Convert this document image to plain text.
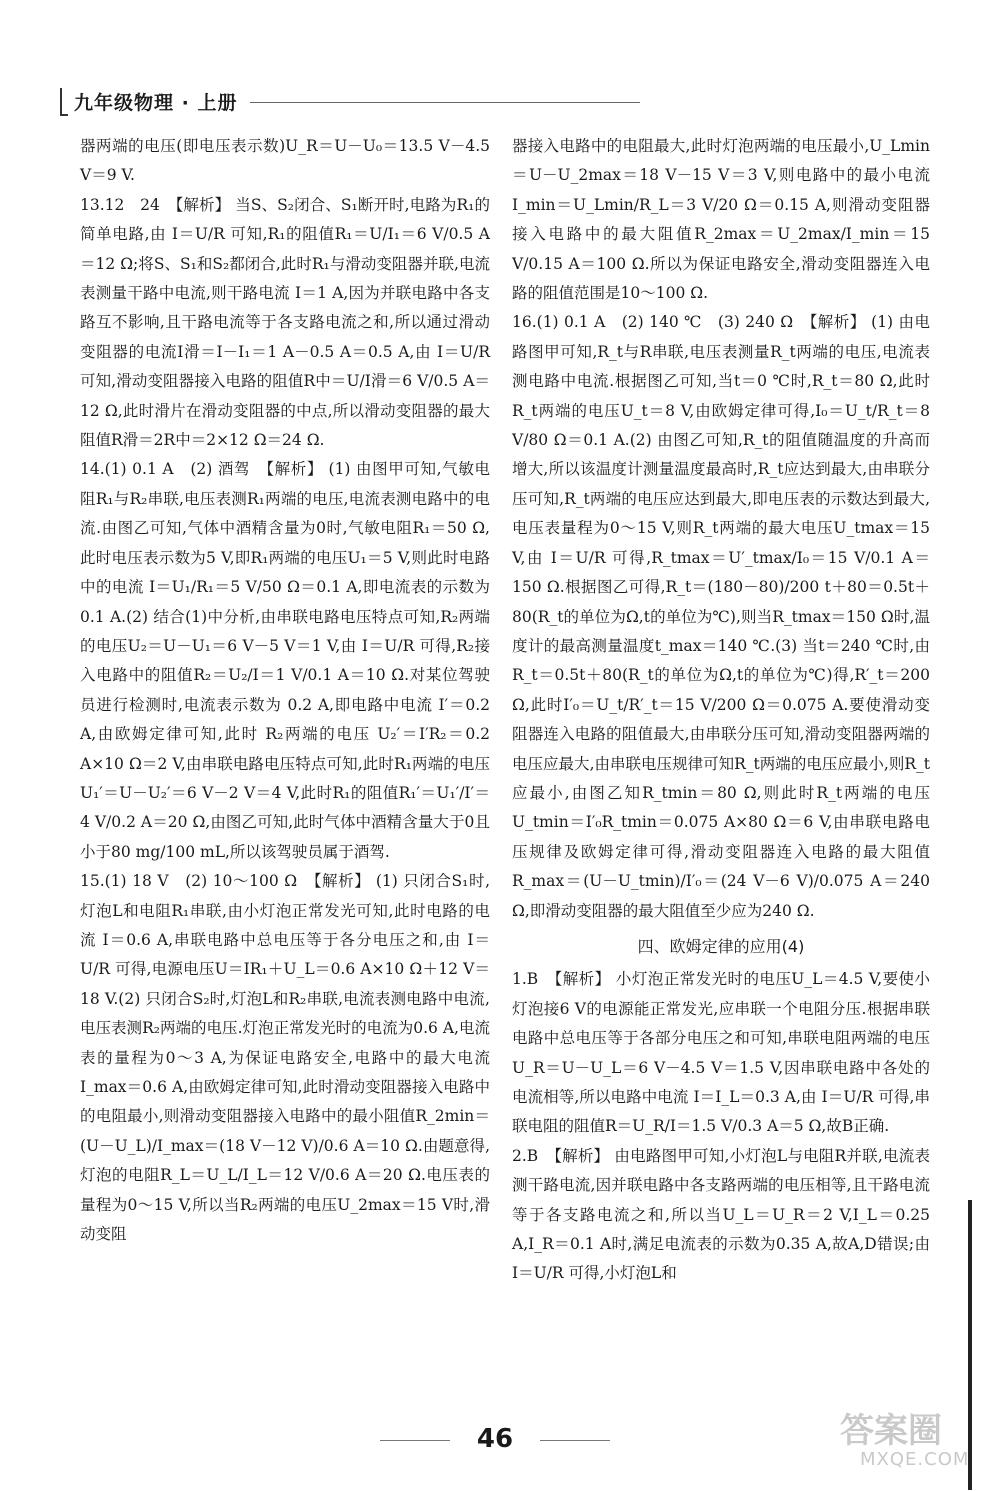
九年级物理 · 上册

器两端的电压(即电压表示数)U_R＝U－U₀＝13.5 V－4.5 V＝9 V.

13.12　24　【解析】 当S、S₂闭合、S₁断开时,电路为R₁的简单电路,由 I＝U/R 可知,R₁的阻值R₁＝U/I₁＝6 V/0.5 A＝12 Ω;将S、S₁和S₂都闭合,此时R₁与滑动变阻器并联,电流表测量干路中电流,则干路电流 I＝1 A,因为并联电路中各支路互不影响,且干路电流等于各支路电流之和,所以通过滑动变阻器的电流I滑＝I－I₁＝1 A－0.5 A＝0.5 A,由 I＝U/R 可知,滑动变阻器接入电路的阻值R中＝U/I滑＝6 V/0.5 A＝12 Ω,此时滑片在滑动变阻器的中点,所以滑动变阻器的最大阻值R滑＝2R中＝2×12 Ω＝24 Ω.

14.(1) 0.1 A　(2) 酒驾　【解析】 (1) 由图甲可知,气敏电阻R₁与R₂串联,电压表测R₁两端的电压,电流表测电路中的电流.由图乙可知,气体中酒精含量为0时,气敏电阻R₁＝50 Ω,此时电压表示数为5 V,即R₁两端的电压U₁＝5 V,则此时电路中的电流 I＝U₁/R₁＝5 V/50 Ω＝0.1 A,即电流表的示数为0.1 A.(2) 结合(1)中分析,由串联电路电压特点可知,R₂两端的电压U₂＝U－U₁＝6 V－5 V＝1 V,由 I＝U/R 可得,R₂接入电路中的阻值R₂＝U₂/I＝1 V/0.1 A＝10 Ω.对某位驾驶员进行检测时,电流表示数为 0.2 A,即电路中电流 I′＝0.2 A,由欧姆定律可知,此时 R₂两端的电压 U₂′＝I′R₂＝0.2 A×10 Ω＝2 V,由串联电路电压特点可知,此时R₁两端的电压U₁′＝U－U₂′＝6 V－2 V＝4 V,此时R₁的阻值R₁′＝U₁′/I′＝4 V/0.2 A＝20 Ω,由图乙可知,此时气体中酒精含量大于0且小于80 mg/100 mL,所以该驾驶员属于酒驾.

15.(1) 18 V　(2) 10～100 Ω　【解析】 (1) 只闭合S₁时,灯泡L和电阻R₁串联,由小灯泡正常发光可知,此时电路的电流 I＝0.6 A,串联电路中总电压等于各分电压之和,由 I＝U/R 可得,电源电压U＝IR₁＋U_L＝0.6 A×10 Ω＋12 V＝18 V.(2) 只闭合S₂时,灯泡L和R₂串联,电流表测电路中电流,电压表测R₂两端的电压.灯泡正常发光时的电流为0.6 A,电流表的量程为0～3 A,为保证电路安全,电路中的最大电流 I_max＝0.6 A,由欧姆定律可知,此时滑动变阻器接入电路中的电阻最小,则滑动变阻器接入电路中的最小阻值R_2min＝(U－U_L)/I_max＝(18 V－12 V)/0.6 A＝10 Ω.由题意得,灯泡的电阻R_L＝U_L/I_L＝12 V/0.6 A＝20 Ω.电压表的量程为0～15 V,所以当R₂两端的电压U_2max＝15 V时,滑动变阻

器接入电路中的电阻最大,此时灯泡两端的电压最小,U_Lmin＝U－U_2max＝18 V－15 V＝3 V,则电路中的最小电流 I_min＝U_Lmin/R_L＝3 V/20 Ω＝0.15 A,则滑动变阻器接入电路中的最大阻值R_2max＝U_2max/I_min＝15 V/0.15 A＝100 Ω.所以为保证电路安全,滑动变阻器连入电路的阻值范围是10～100 Ω.

16.(1) 0.1 A　(2) 140 ℃　(3) 240 Ω　【解析】 (1) 由电路图甲可知,R_t与R串联,电压表测量R_t两端的电压,电流表测电路中电流.根据图乙可知,当t＝0 ℃时,R_t＝80 Ω,此时R_t两端的电压U_t＝8 V,由欧姆定律可得,I₀＝U_t/R_t＝8 V/80 Ω＝0.1 A.(2) 由图乙可知,R_t的阻值随温度的升高而增大,所以该温度计测量温度最高时,R_t应达到最大,由串联分压可知,R_t两端的电压应达到最大,即电压表的示数达到最大,电压表量程为0～15 V,则R_t两端的最大电压U_tmax＝15 V,由 I＝U/R 可得,R_tmax＝U′_tmax/I₀＝15 V/0.1 A＝150 Ω.根据图乙可得,R_t＝(180－80)/200 t＋80＝0.5t＋80(R_t的单位为Ω,t的单位为℃),则当R_tmax＝150 Ω时,温度计的最高测量温度t_max＝140 ℃.(3) 当t＝240 ℃时,由R_t＝0.5t＋80(R_t的单位为Ω,t的单位为℃)得,R′_t＝200 Ω,此时I′₀＝U_t/R′_t＝15 V/200 Ω＝0.075 A.要使滑动变阻器连入电路的阻值最大,由串联分压可知,滑动变阻器两端的电压应最大,由串联电压规律可知R_t两端的电压应最小,则R_t应最小,由图乙知R_tmin＝80 Ω,则此时R_t两端的电压U_tmin＝I′₀R_tmin＝0.075 A×80 Ω＝6 V,由串联电路电压规律及欧姆定律可得,滑动变阻器连入电路的最大阻值R_max＝(U－U_tmin)/I′₀＝(24 V－6 V)/0.075 A＝240 Ω,即滑动变阻器的最大阻值至少应为240 Ω.

四、欧姆定律的应用(4)

1.B　【解析】 小灯泡正常发光时的电压U_L＝4.5 V,要使小灯泡接6 V的电源能正常发光,应串联一个电阻分压.根据串联电路中总电压等于各部分电压之和可知,串联电阻两端的电压U_R＝U－U_L＝6 V－4.5 V＝1.5 V,因串联电路中各处的电流相等,所以电路中电流 I＝I_L＝0.3 A,由 I＝U/R 可得,串联电阻的阻值R＝U_R/I＝1.5 V/0.3 A＝5 Ω,故B正确.

2.B　【解析】 由电路图甲可知,小灯泡L与电阻R并联,电流表测干路电流,因并联电路中各支路两端的电压相等,且干路电流等于各支路电流之和,所以当U_L＝U_R＝2 V,I_L＝0.25 A,I_R＝0.1 A时,满足电流表的示数为0.35 A,故A,D错误;由 I＝U/R 可得,小灯泡L和

46	答案圈
MXQE.COM
